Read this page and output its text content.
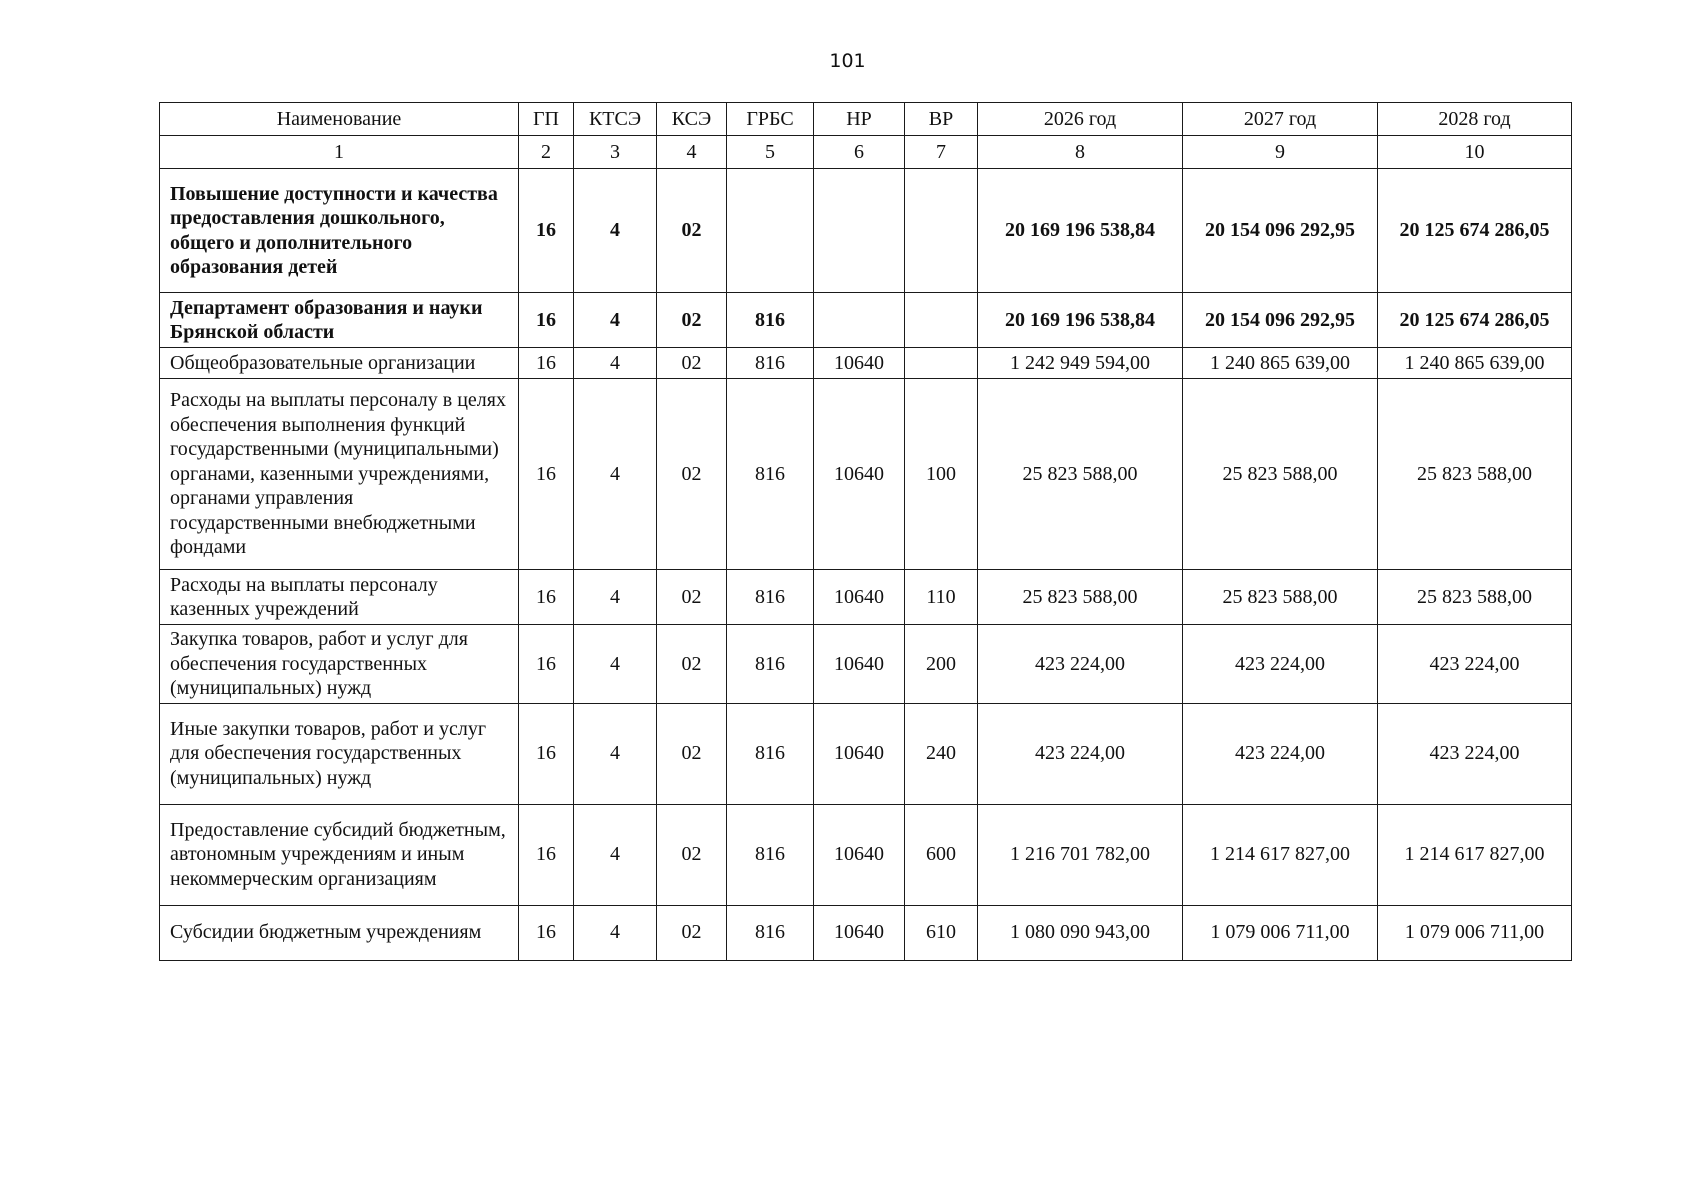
101
Наименование	ГП	КТСЭ	КСЭ	ГРБС	НР	ВР	2026 год	2027 год	2028 год
1	2	3	4	5	6	7	8	9	10
Повышение доступности и качества предоставления дошкольного, общего и дополнительного образования детей	16	4	02				20 169 196 538,84	20 154 096 292,95	20 125 674 286,05
Департамент образования и науки Брянской области	16	4	02	816			20 169 196 538,84	20 154 096 292,95	20 125 674 286,05
Общеобразовательные организации	16	4	02	816	10640		1 242 949 594,00	1 240 865 639,00	1 240 865 639,00
Расходы на выплаты персоналу в целях обеспечения выполнения функций государственными (муниципальными) органами, казенными учреждениями, органами управления государственными внебюджетными фондами	16	4	02	816	10640	100	25 823 588,00	25 823 588,00	25 823 588,00
Расходы на выплаты персоналу казенных учреждений	16	4	02	816	10640	110	25 823 588,00	25 823 588,00	25 823 588,00
Закупка товаров, работ и услуг для обеспечения государственных (муниципальных) нужд	16	4	02	816	10640	200	423 224,00	423 224,00	423 224,00
Иные закупки товаров, работ и услуг для обеспечения государственных (муниципальных) нужд	16	4	02	816	10640	240	423 224,00	423 224,00	423 224,00
Предоставление субсидий бюджетным, автономным учреждениям и иным некоммерческим организациям	16	4	02	816	10640	600	1 216 701 782,00	1 214 617 827,00	1 214 617 827,00
Субсидии бюджетным учреждениям	16	4	02	816	10640	610	1 080 090 943,00	1 079 006 711,00	1 079 006 711,00
